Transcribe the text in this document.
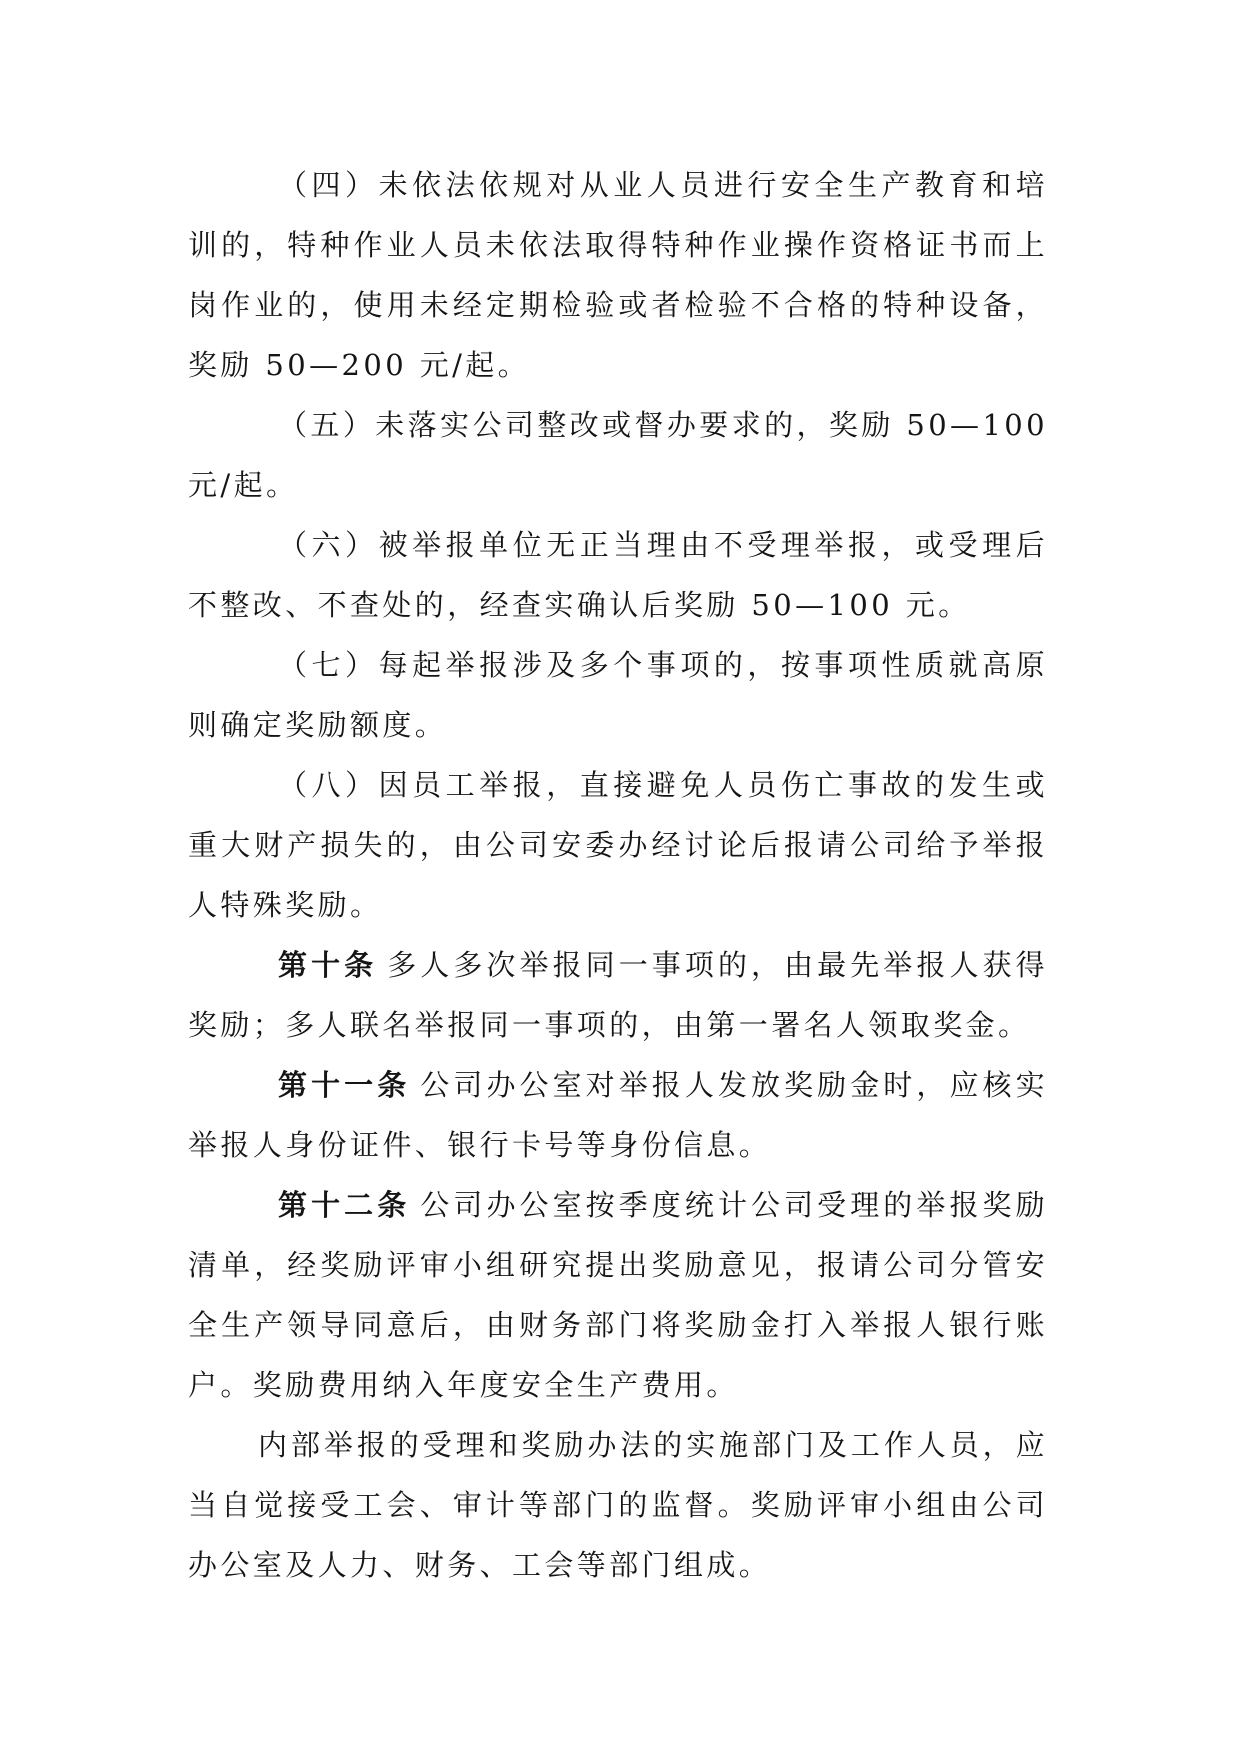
（四）未依法依规对从业人员进行安全生产教育和培训的，特种作业人员未依法取得特种作业操作资格证书而上岗作业的，使用未经定期检验或者检验不合格的特种设备，奖励 50—200 元/起。

（五）未落实公司整改或督办要求的，奖励 50—100 元/起。

（六）被举报单位无正当理由不受理举报，或受理后不整改、不查处的，经查实确认后奖励 50—100 元。

（七）每起举报涉及多个事项的，按事项性质就高原则确定奖励额度。

（八）因员工举报，直接避免人员伤亡事故的发生或重大财产损失的，由公司安委办经讨论后报请公司给予举报人特殊奖励。

第十条 多人多次举报同一事项的，由最先举报人获得奖励；多人联名举报同一事项的，由第一署名人领取奖金。

第十一条 公司办公室对举报人发放奖励金时，应核实举报人身份证件、银行卡号等身份信息。

第十二条 公司办公室按季度统计公司受理的举报奖励清单，经奖励评审小组研究提出奖励意见，报请公司分管安全生产领导同意后，由财务部门将奖励金打入举报人银行账户。奖励费用纳入年度安全生产费用。

内部举报的受理和奖励办法的实施部门及工作人员，应当自觉接受工会、审计等部门的监督。奖励评审小组由公司办公室及人力、财务、工会等部门组成。
